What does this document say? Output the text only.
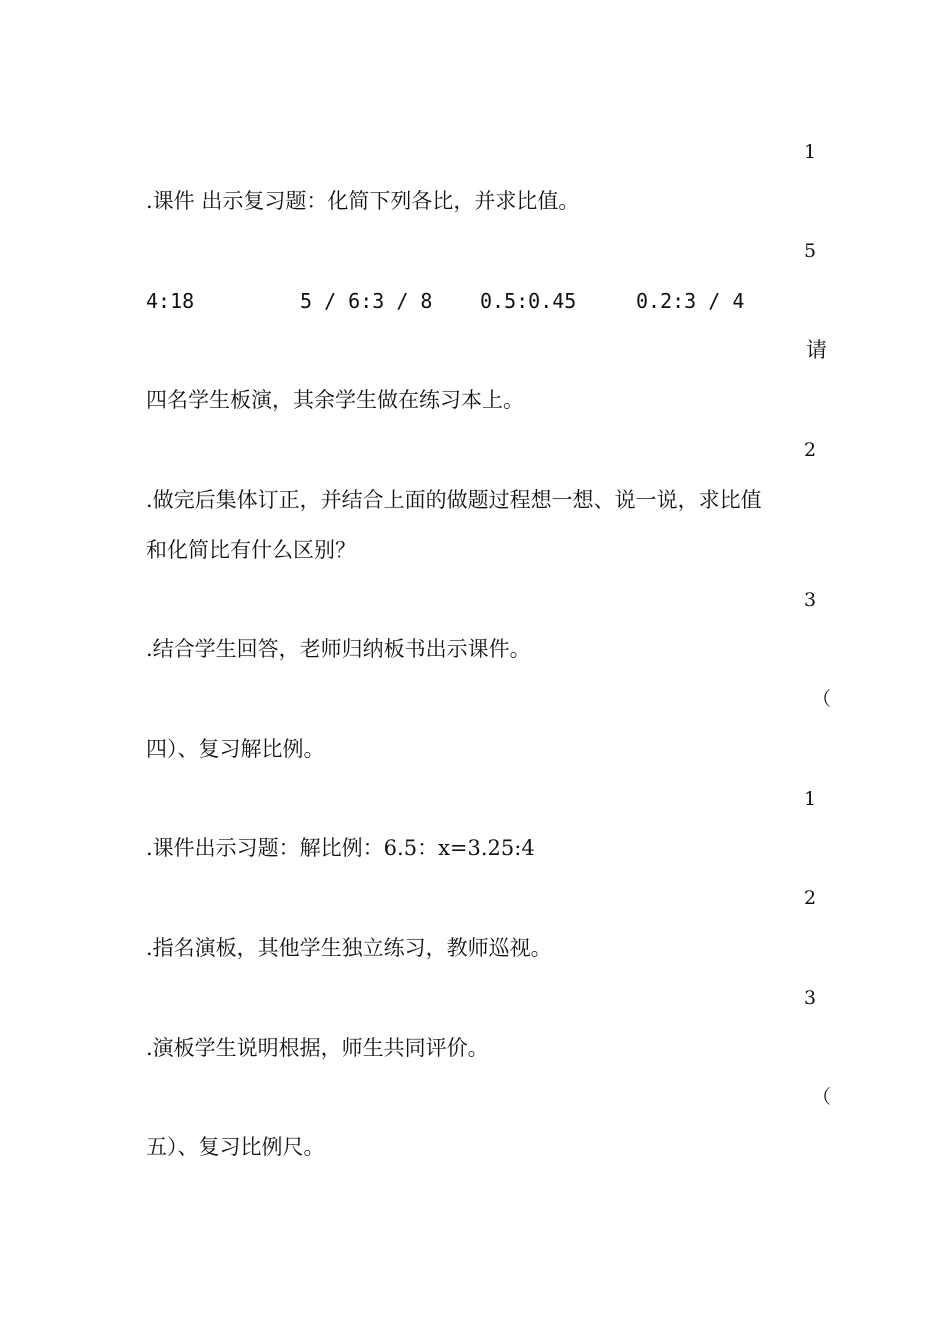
1
.课件 出示复习题：化简下列各比，并求比值。
5
4:18	5 / 6:3 / 8 0.5:0.45	0.2:3 / 4
请
四名学生板演，其余学生做在练习本上。
2
.做完后集体订正，并结合上面的做题过程想一想、说一说，求比值
和化简比有什么区别？
3
.结合学生回答，老师归纳板书出示课件。
（
四）、复习解比例。
1
.课件出示习题：解比例：6.5：x=3.25:4
2
.指名演板，其他学生独立练习，教师巡视。
3
.演板学生说明根据，师生共同评价。
（
五）、复习比例尺。
